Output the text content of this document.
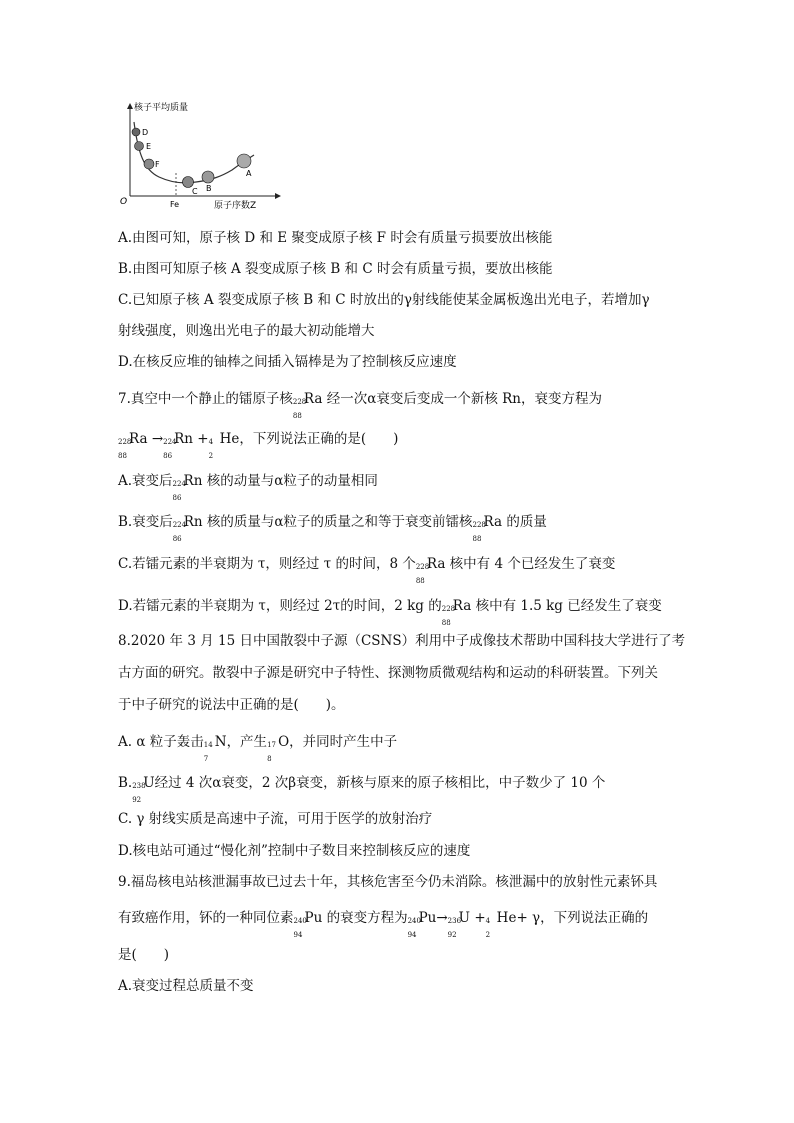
核子平均质量
O	Fe	原子序数Z
D
E
F
C B
A
A.由图可知，原子核 D 和 E 聚变成原子核 F 时会有质量亏损要放出核能
B.由图可知原子核 A 裂变成原子核 B 和 C 时会有质量亏损，要放出核能
C.已知原子核 A 裂变成原子核 B 和 C 时放出的γ射线能使某金属板逸出光电子，若增加γ
射线强度，则逸出光电子的最大初动能增大
D.在核反应堆的铀棒之间插入镉棒是为了控制核反应速度
7.真空中一个静止的镭原子核 228
88
Ra 经一次α衰变后变成一个新核 Rn，衰变方程为
228
88
Ra → 224
86
Rn + 4
2
He，下列说法正确的是(　　)
A.衰变后 224
86
Rn 核的动量与α粒子的动量相同
B.衰变后 224
86
Rn 核的质量与α粒子的质量之和等于衰变前镭核 228
88
Ra 的质量
C.若镭元素的半衰期为 τ，则经过 τ 的时间，8 个 228
88
Ra 核中有 4 个已经发生了衰变
D.若镭元素的半衰期为 τ，则经过 2τ的时间，2 kg 的 228
88
Ra 核中有 1.5 kg 已经发生了衰变
8.2020 年 3 月 15 日中国散裂中子源（CSNS）利用中子成像技术帮助中国科技大学进行了考
古方面的研究。散裂中子源是研究中子特性、探测物质微观结构和运动的科研装置。下列关
于中子研究的说法中正确的是(　　)。
A. α 粒子轰击 14
7
N，产生 17
8
O，并同时产生中子
B. 238
92
U经过 4 次α衰变，2 次β衰变，新核与原来的原子核相比，中子数少了 10 个
C. γ 射线实质是高速中子流，可用于医学的放射治疗
D.核电站可通过“慢化剂”控制中子数目来控制核反应的速度
9.福岛核电站核泄漏事故已过去十年，其核危害至今仍未消除。核泄漏中的放射性元素钚具
有致癌作用，钚的一种同位素 240
94
Pu 的衰变方程为 240
94
Pu→ 236
92
U + 4
2
He+ γ，下列说法正确的
是(　　)
A.衰变过程总质量不变
